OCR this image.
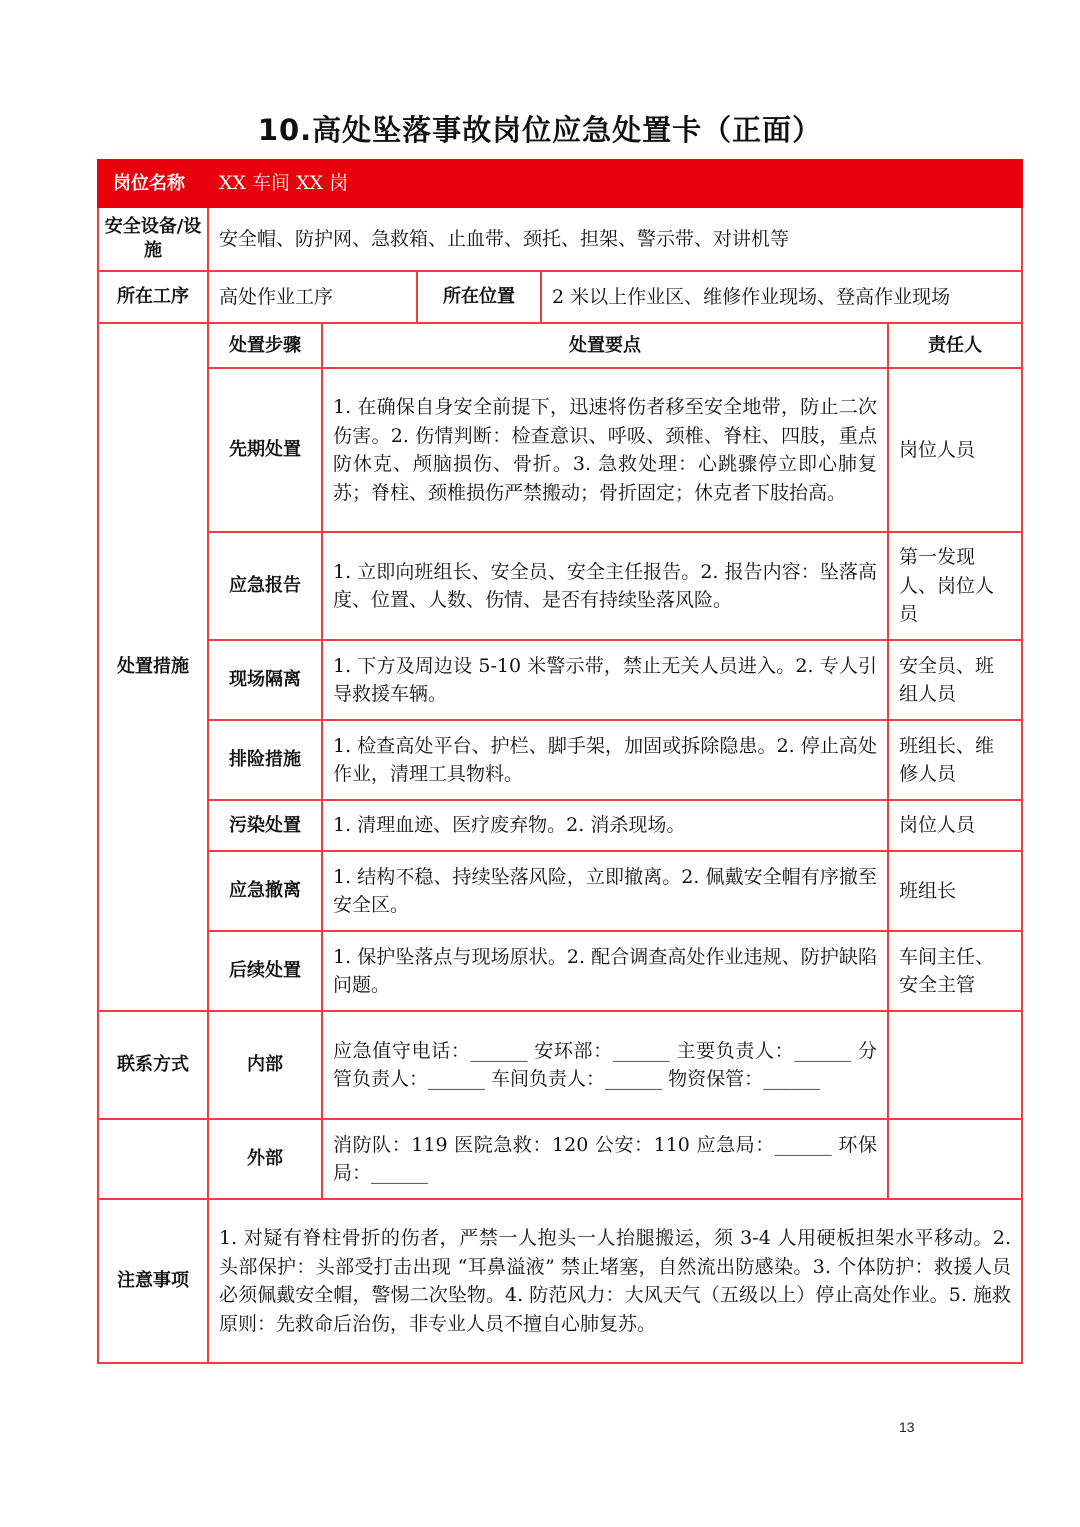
10.高处坠落事故岗位应急处置卡（正面）
岗位名称	XX 车间 XX 岗				
安全设备/设施	安全帽、防护网、急救箱、止血带、颈托、担架、警示带、对讲机等				
所在工序	高处作业工序		所在位置	2 米以上作业区、维修作业现场、登高作业现场	
处置措施	处置步骤	处置要点			责任人
	先期处置	1. 在确保自身安全前提下，迅速将伤者移至安全地带，防止二次伤害。2. 伤情判断：检查意识、呼吸、颈椎、脊柱、四肢，重点防休克、颅脑损伤、骨折。3. 急救处理：心跳骤停立即心肺复苏；脊柱、颈椎损伤严禁搬动；骨折固定；休克者下肢抬高。			岗位人员
	应急报告	1. 立即向班组长、安全员、安全主任报告。2. 报告内容：坠落高度、位置、人数、伤情、是否有持续坠落风险。			第一发现人、岗位人员
	现场隔离	1. 下方及周边设 5-10 米警示带，禁止无关人员进入。2. 专人引导救援车辆。			安全员、班组人员
	排险措施	1. 检查高处平台、护栏、脚手架，加固或拆除隐患。2. 停止高处作业，清理工具物料。			班组长、维修人员
	污染处置	1. 清理血迹、医疗废弃物。2. 消杀现场。			岗位人员
	应急撤离	1. 结构不稳、持续坠落风险，立即撤离。2. 佩戴安全帽有序撤至安全区。			班组长
	后续处置	1. 保护坠落点与现场原状。2. 配合调查高处作业违规、防护缺陷问题。			车间主任、安全主管
联系方式	内部	应急值守电话：______ 安环部：______ 主要负责人：______ 分管负责人：______ 车间负责人：______ 物资保管：______			
	外部	消防队：119 医院急救：120 公安：110 应急局：______ 环保局：______			
注意事项	1. 对疑有脊柱骨折的伤者，严禁一人抱头一人抬腿搬运，须 3-4 人用硬板担架水平移动。2. 头部保护：头部受打击出现 “耳鼻溢液” 禁止堵塞，自然流出防感染。3. 个体防护：救援人员必须佩戴安全帽，警惕二次坠物。4. 防范风力：大风天气（五级以上）停止高处作业。5. 施救原则：先救命后治伤，非专业人员不擅自心肺复苏。				
13
